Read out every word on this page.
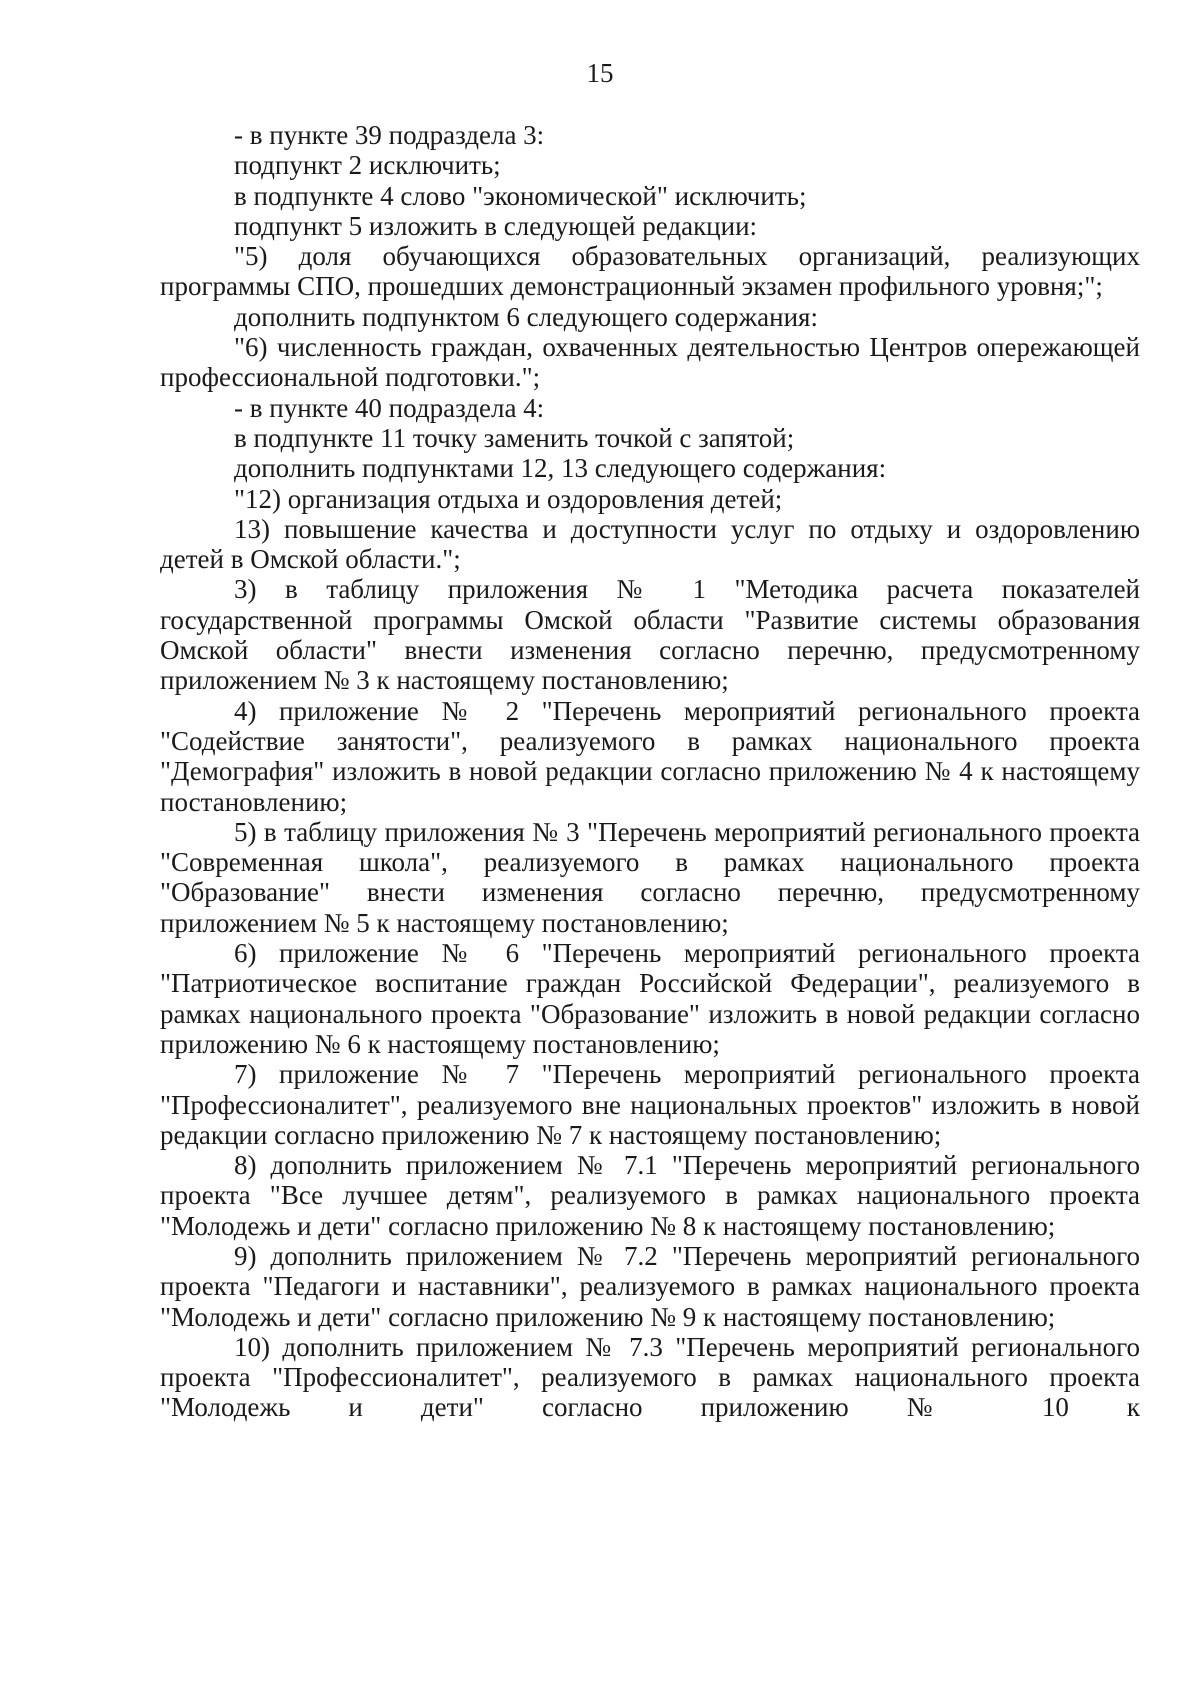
15

- в пункте 39 подраздела 3:

подпункт 2 исключить;

в подпункте 4 слово "экономической" исключить;

подпункт 5 изложить в следующей редакции:

"5) доля обучающихся образовательных организаций, реализующих программы СПО, прошедших демонстрационный экзамен профильного уровня;";

дополнить подпунктом 6 следующего содержания:

"6) численность граждан, охваченных деятельностью Центров опережающей профессиональной подготовки.";

- в пункте 40 подраздела 4:

в подпункте 11 точку заменить точкой с запятой;

дополнить подпунктами 12, 13 следующего содержания:

"12) организация отдыха и оздоровления детей;

13) повышение качества и доступности услуг по отдыху и оздоровлению детей в Омской области.";

3) в таблицу приложения № 1 "Методика расчета показателей государственной программы Омской области "Развитие системы образования Омской области" внести изменения согласно перечню, предусмотренному приложением № 3 к настоящему постановлению;

4) приложение № 2 "Перечень мероприятий регионального проекта "Содействие занятости", реализуемого в рамках национального проекта "Демография" изложить в новой редакции согласно приложению № 4 к настоящему постановлению;

5) в таблицу приложения № 3 "Перечень мероприятий регионального проекта "Современная школа", реализуемого в рамках национального проекта "Образование" внести изменения согласно перечню, предусмотренному приложением № 5 к настоящему постановлению;

6) приложение № 6 "Перечень мероприятий регионального проекта "Патриотическое воспитание граждан Российской Федерации", реализуемого в рамках национального проекта "Образование" изложить в новой редакции согласно приложению № 6 к настоящему постановлению;

7) приложение № 7 "Перечень мероприятий регионального проекта "Профессионалитет", реализуемого вне национальных проектов" изложить в новой редакции согласно приложению № 7 к настоящему постановлению;

8) дополнить приложением № 7.1 "Перечень мероприятий регионального проекта "Все лучшее детям", реализуемого в рамках национального проекта "Молодежь и дети" согласно приложению № 8 к настоящему постановлению;

9) дополнить приложением № 7.2 "Перечень мероприятий регионального проекта "Педагоги и наставники", реализуемого в рамках национального проекта "Молодежь и дети" согласно приложению № 9 к настоящему постановлению;

10) дополнить приложением № 7.3 "Перечень мероприятий регионального проекта "Профессионалитет", реализуемого в рамках национального проекта "Молодежь и дети" согласно приложению № 10 к
